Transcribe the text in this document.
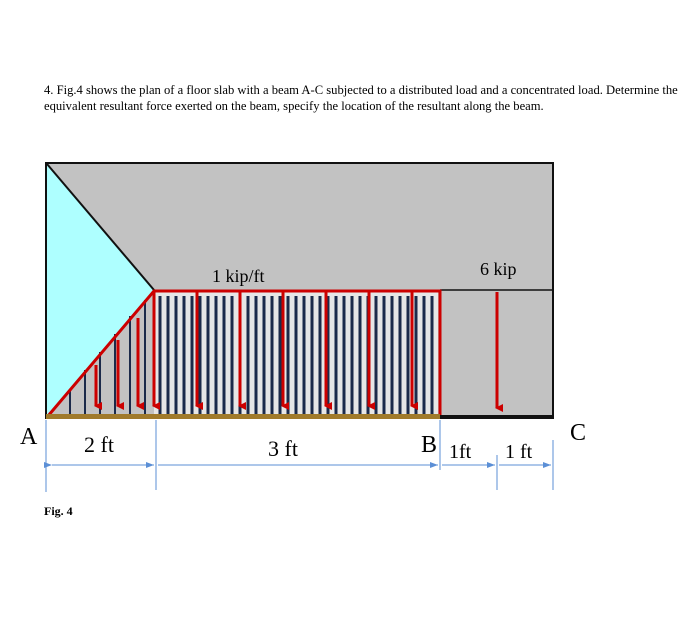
4. Fig.4 shows the plan of a floor slab with a beam A-C subjected to a distributed load and a concentrated load. Determine the equivalent resultant force exerted on the beam, specify the location of the resultant along the beam.

1 kip/ft	6 kip
A	B	C
2 ft	3 ft	1ft 1 ft

Fig. 4
